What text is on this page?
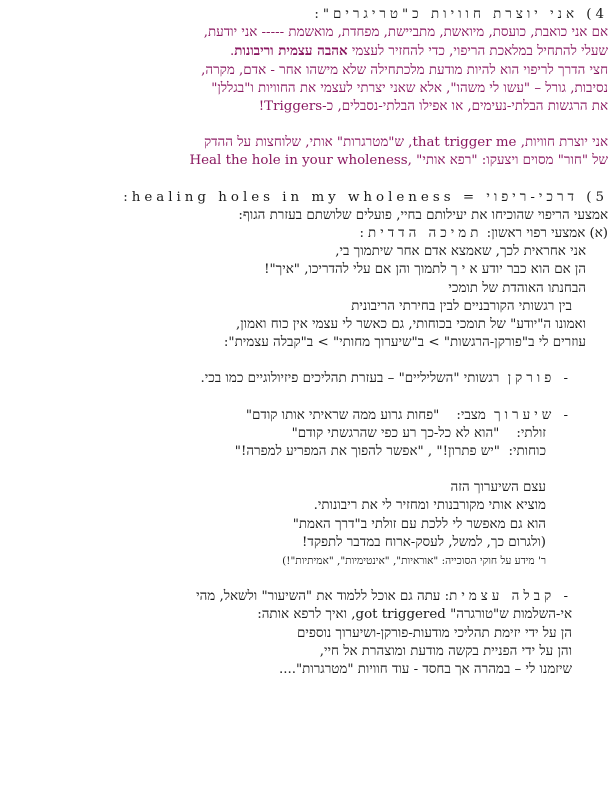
4) אני יוצרת חוויות כ"טריגרים":
אם אני כואבת, כועסת, מיואשת, מתביישת, מפחדת, מואשמת ----- אני יודעת,
שעלי להתחיל במלאכת הריפוי, כדי להחזיר לעצמי אהבה עצמית וריבונות.
חצי הדרך לריפוי הוא להיות מודעת מלכתחילה שלא מישהו אחר - אדם, מקרה,
נסיבות, גורל – "עשו לי משהו", אלא שאני יצרתי לעצמי את החוויות ו"בגללן"
את הרגשות הבלתי-נעימים, או אפילו הבלתי-נסבלים, כ-Triggers!
אני יוצרת חוויות, that trigger me, ש"מטרגרות" אותי, שלוחצות על ההדק
של "חור" מסוים ויצעקו: "רפא אותי" ,Heal the hole in your wholeness
5) דרכי-ריפוי = healing holes in my wholeness:
אמצעי הריפוי שהוכיחו את יעילותם בחיי, פועלים שלושתם בעזרת הגוף:
(א) אמצעי רפוי ראשון: תמיכה הדדית:
אני אחראית לכך, שאמצא אדם אחר שיתמוך בי,
הן אם הוא כבר יודע א י ך לתמוך והן אם עלי להדריכו, "איך"!
הבחנתו האוהדת של תומכי
בין רגשותי הקורבניים לבין בחירתי הריבונית
ואמונו ה"יודע" של תומכי בכוחותי, גם כאשר לי עצמי אין כוח ואמון,
עוזרים לי ב"פורקן-הרגשות" > ב"שיערוך מחותי" > ב"קבלה עצמית":
- פורקן רגשותי "השליליים" – בעזרת תהליכים פיזיולוגיים כמו בכי.
- שיערוך מצבי:    "פחות גרוע ממה שראיתי אותו קודם"
זולתי:    "הוא לא כל-כך רע כפי שהרגשתי קודם"
כוחותי:  "יש פתרון!" , "אפשר להפוך את המפריע למפרה!"
עצם השיערוך הזה
מוציא אותי מקורבנותי ומחזיר לי את ריבונותי.
הוא גם מאפשר לי ללכת עם זולתי ב"דרך האמת"
(ולגרום כך, למשל, לעסק-ארוח במדבר לתפקד!
ר' מידע על חוקי הסוכייה: "אוראיות", "אינטימיות", "אמיתיות"!)
- קבלה עצמית: עתה גם אוכל ללמוד את "השיעור" ולשאל, מהי
אי-השלמות ש"טורגרה" got triggered, ואיך לרפא אותה:
הן על ידי יזימת תהליכי מודעות-פורקן-ושיערוך נוספים
והן על ידי הפניית בקשה מודעת ומוצהרת אל חיי,
שיזמנו לי – במהרה אך בחסד - עוד חוויות "מטרגרות"....
